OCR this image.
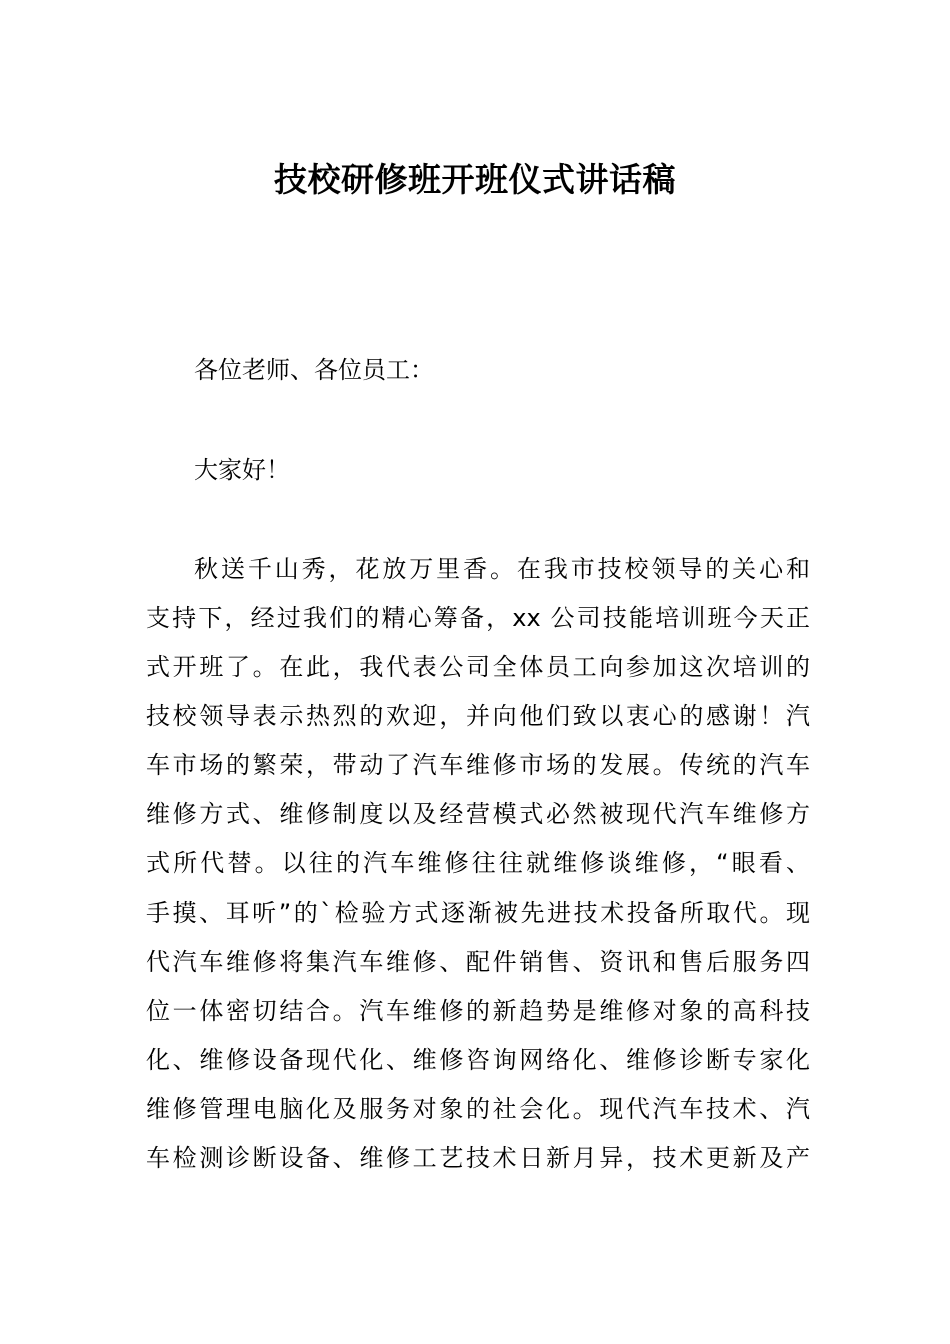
技校研修班开班仪式讲话稿
各位老师、各位员工：
大家好！
秋送千山秀，花放万里香。在我市技校领导的关心和
支持下，经过我们的精心筹备，xx 公司技能培训班今天正
式开班了。在此，我代表公司全体员工向参加这次培训的
技校领导表示热烈的欢迎，并向他们致以衷心的感谢！汽
车市场的繁荣，带动了汽车维修市场的发展。传统的汽车
维修方式、维修制度以及经营模式必然被现代汽车维修方
式所代替。以往的汽车维修往往就维修谈维修，“眼看、
手摸、耳听”的`检验方式逐渐被先进技术投备所取代。现
代汽车维修将集汽车维修、配件销售、资讯和售后服务四
位一体密切结合。汽车维修的新趋势是维修对象的高科技
化、维修设备现代化、维修咨询网络化、维修诊断专家化
维修管理电脑化及服务对象的社会化。现代汽车技术、汽
车检测诊断设备、维修工艺技术日新月异，技术更新及产
